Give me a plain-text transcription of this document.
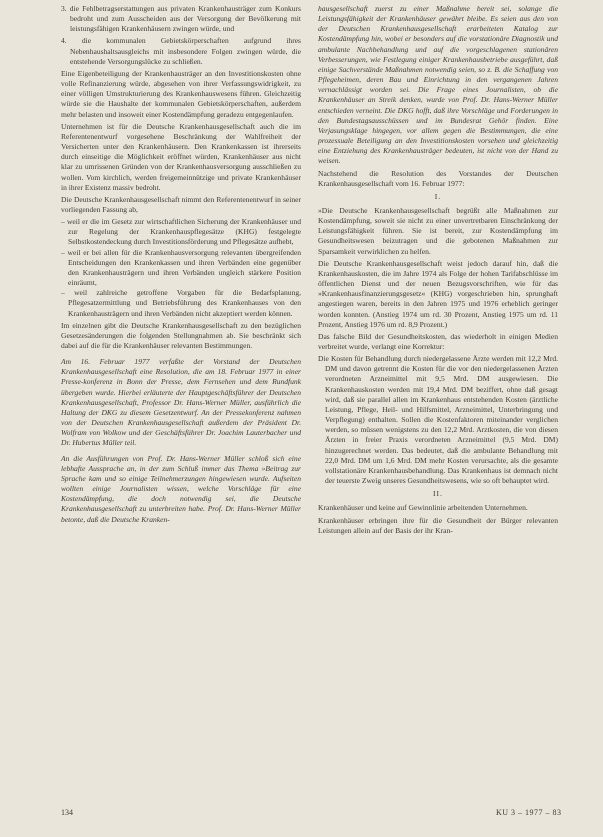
3. die Fehlbetragserstattungen aus privaten Krankenhausträger zum Konkurs bedroht und zum Ausscheiden aus der Versorgung der Bevölkerung mit leistungsfähigen Krankenhäusern zwingen würde, und

4. die kommunalen Gebietskörperschaften aufgrund ihres Nebenhaushaltsausgleichs mit insbesondere Folgen zwingen würde, die entstehende Versorgungslücke zu schließen.

Eine Eigenbeteiligung der Krankenhausträger an den Investitionskosten ohne volle Refinanzierung würde, abgesehen von ihrer Verfassungswidrigkeit, zu einer völligen Umstrukturierung des Krankenhauswesens führen. Gleichzeitig würde sie die Haushalte der kommunalen Gebietskörperschaften, außerdem mehr belasten und insoweit einer Kostendämpfung geradezu entgegenlaufen.

Unternehmen ist für die Deutsche Krankenhausgesellschaft auch die im Referentenentwurf vorgesehene Beschränkung der Wahlfreiheit der Versicherten unter den Krankenhäusern. Den Krankenkassen ist ihrerseits durch einseitige die Möglichkeit eröffnet würden, Krankenhäuser aus nicht klar zu umrissenen Gründen von der Krankenhausversorgung ausschließen zu wollen. Vom kirchlich, werden freigemeinnützige und private Krankenhäuser in ihrer Existenz massiv bedroht.

Die Deutsche Krankenhausgesellschaft nimmt den Referentenentwurf in seiner vorliegenden Fassung ab,

– weil er die im Gesetz zur wirtschaftlichen Sicherung der Krankenhäuser und zur Regelung der Krankenhauspflegesätze (KHG) festgelegte Selbstkostendeckung durch Investitionsförderung und Pflegesätze aufhebt,

– weil er bei allen für die Krankenhausversorgung relevanten übergreifenden Entscheidungen den Krankenkassen und ihren Verbänden eine gegenüber den Krankenhausträgern und ihren Verbänden ungleich stärkere Position einräumt,

– weil zahlreiche getroffene Vorgaben für die Bedarfsplanung, Pflegesatzermittlung und Betriebsführung des Krankenhauses von den Krankenhausträgern und ihren Verbänden nicht akzeptiert werden können.

Im einzelnen gibt die Deutsche Krankenhausgesellschaft zu den bezüglichen Gesetzesänderungen die folgenden Stellungnahmen ab. Sie beschränkt sich dabei auf die für die Krankenhäuser relevanten Bestimmungen.

Am 16. Februar 1977 verfaßte der Vorstand der Deutschen Krankenhausgesellschaft eine Resolution, die am 18. Februar 1977 in einer Presse-konferenz in Bonn der Presse, dem Fernsehen und dem Rundfunk übergeben wurde. Hierbei erläuterte der Hauptgeschäftsführer der Deutschen Krankenhausgesellschaft, Professor Dr. Hans-Werner Müller, ausführlich die Haltung der DKG zu diesem Gesetzentwurf. An der Pressekonferenz nahmen von der Deutschen Krankenhausgesellschaft außerdem der Präsident Dr. Wolfram von Wolkow und der Geschäftsführer Dr. Joachim Lauterbacher und Dr. Hubertus Müller teil.

An die Ausführungen von Prof. Dr. Hans-Werner Müller schloß sich eine lebhafte Aussprache an, in der zum Schluß immer das Thema »Beitrag zur Sprache kam und so einige Teilnehmerzungen hingewiesen wurde. Aufseiten wollten einige Journalisten wissen, welche Vorschläge für eine Kostendämpfung, die doch notwendig sei, die Deutsche Krankenhausgesellschaft zu unterbreiten habe. Prof. Dr. Hans-Werner Müller betonte, daß die Deutsche Kranken-

hausgesellschaft zuerst zu einer Maßnahme bereit sei, solange die Leistungsfähigkeit der Krankenhäuser gewährt bleibe. Es seien aus den von der Deutschen Krankenhausgesellschaft erarbeiteten Katalog zur Kostendämpfung hin, wobei er besonders auf die vorstationäre Diagnostik und ambulante Nachbehandlung und auf die vorgeschlagenen stationären Verbesserungen, wie Festlegung einiger Krankenhausbetriebe ausgeführt, daß einige Sachverstände Maßnahmen notwendig seien, so z. B. die Schaffung von Pflegeheimen, deren Bau und Einrichtung in den vergangenen Jahren vernachlässigt worden sei. Die Frage eines Journalisten, ob die Krankenhäuser an Streik denken, wurde von Prof. Dr. Hans-Werner Müller entschieden verneint. Die DKG hofft, daß ihre Vorschläge und Forderungen in den Bundestagsausschüssen und im Bundesrat Gehör finden. Eine Verjasungsklage hingegen, vor allem gegen die Bestimmungen, die eine prozessuale Beteiligung an den Investitionskosten vorsehen und gleichzeitig eine Entziehung des Krankenhausträger bedeuten, ist nicht von der Hand zu weisen.

Nachstehend die Resolution des Vorstandes der Deutschen Krankenhausgesellschaft vom 16. Februar 1977:

I.

»Die Deutsche Krankenhausgesellschaft begrüßt alle Maßnahmen zur Kostendämpfung, soweit sie nicht zu einer unvertretbaren Einschränkung der Leistungsfähigkeit führen. Sie ist bereit, zur Kostendämpfung im Gesundheitswesen beizutragen und die gebotenen Maßnahmen zur Sparsamkeit verwirklichen zu helfen.

Die Deutsche Krankenhausgesellschaft weist jedoch darauf hin, daß die Krankenhauskosten, die im Jahre 1974 als Folge der hohen Tarifabschlüsse im öffentlichen Dienst und der neuen Bezugsvorschriften, wie für das »Krankenhausfinanzierungsgesetz« (KHG) vorgeschrieben hin, sprunghaft angestiegen waren, bereits in den Jahren 1975 und 1976 erheblich geringer worden konnten. (Anstieg 1974 um rd. 30 Prozent, Anstieg 1975 um rd. 11 Prozent, Anstieg 1976 um rd. 8,9 Prozent.)

Das falsche Bild der Gesundheitskosten, das wiederholt in einigen Medien verbreitet wurde, verlangt eine Korrektur:

Die Kosten für Behandlung durch niedergelassene Ärzte werden mit 12,2 Mrd. DM und davon getrennt die Kosten für die vor den niedergelassenen Ärzten verordneten Arzneimittel mit 9,5 Mrd. DM ausgewiesen. Die Krankenhauskosten werden mit 19,4 Mrd. DM beziffert, ohne daß gesagt wird, daß sie parallel allen im Krankenhaus entstehenden Kosten (ärztliche Leistung, Pflege, Heil- und Hilfsmittel, Arzneimittel, Unterbringung und Verpflegung) enthalten. Sollen die Kostenfaktoren miteinander verglichen werden, so müssen wenigstens zu den 12,2 Mrd. Arztkosten, die von diesen Ärzten in freier Praxis verordneten Arzneimittel (9,5 Mrd. DM) hinzugerechnet werden. Das bedeutet, daß die ambulante Behandlung mit 22,0 Mrd. DM um 1,6 Mrd. DM mehr Kosten verursachte, als die gesamte vollstationäre Krankenhausbehandlung. Das Krankenhaus ist demnach nicht der teuerste Zweig unseres Gesundheitswesens, wie so oft behauptet wird.

II.

Krankenhäuser und keine auf Gewinnlinie arbeitenden Unternehmen.

Krankenhäuser erbringen ihre für die Gesundheit der Bürger relevanten Leistungen allein auf der Basis der ihr Kran-

134	KU 3 – 1977 – 83
